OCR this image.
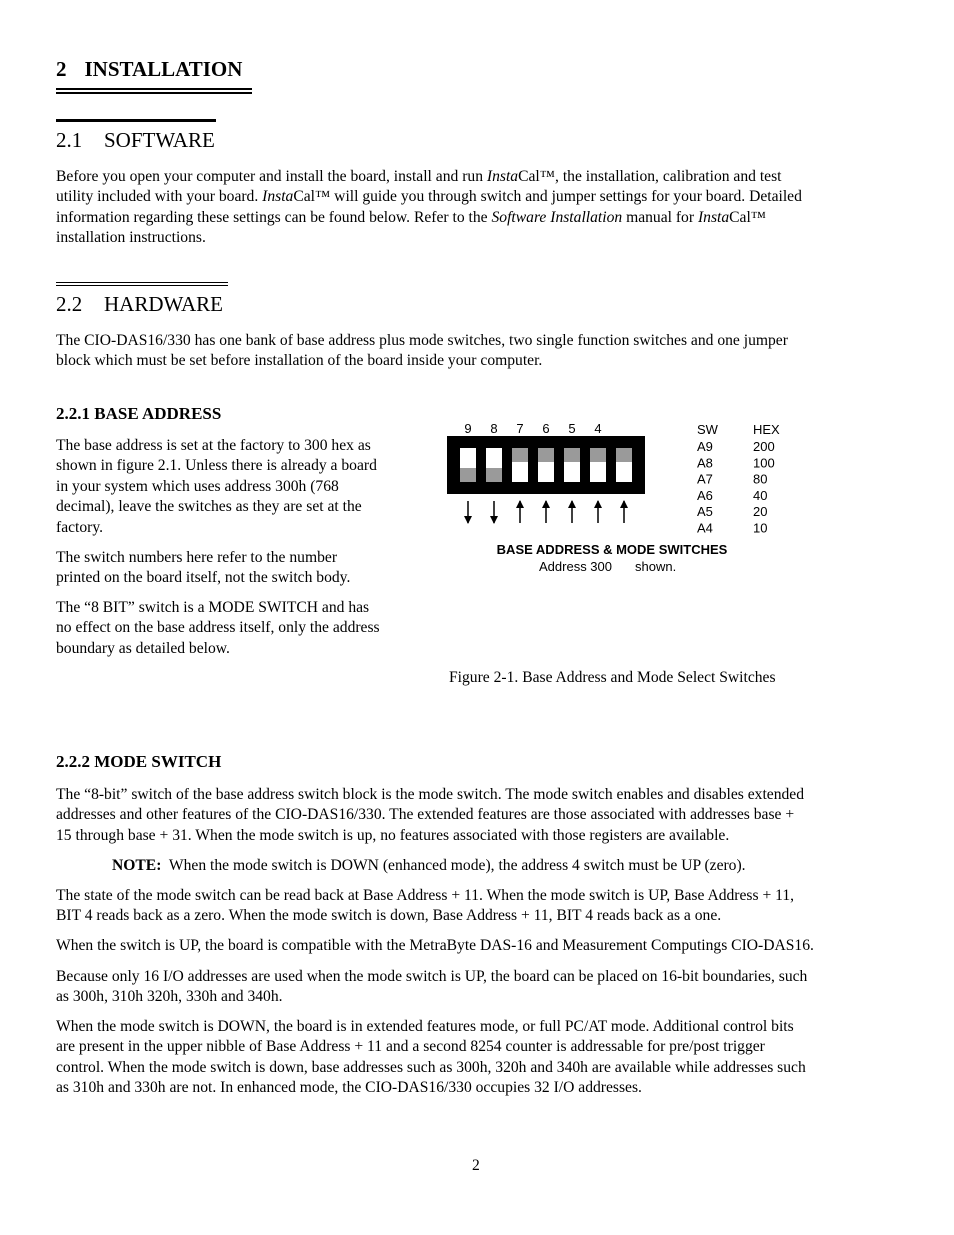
2 INSTALLATION
2.1 SOFTWARE
Before you open your computer and install the board, install and run InstaCal™, the installation, calibration and test
utility included with your board. InstaCal™ will guide you through switch and jumper settings for your board. Detailed
information regarding these settings can be found below. Refer to the Software Installation manual for InstaCal™
installation instructions.
2.2 HARDWARE
The CIO-DAS16/330 has one bank of base address plus mode switches, two single function switches and one jumper
block which must be set before installation of the board inside your computer.
2.2.1 BASE ADDRESS
The base address is set at the factory to 300 hex as
shown in figure 2.1. Unless there is already a board
in your system which uses address 300h (768
decimal), leave the switches as they are set at the
factory.
The switch numbers here refer to the number
printed on the board itself, not the switch body.
The “8 BIT” switch is a MODE SWITCH and has
no effect on the base address itself, only the address
boundary as detailed below.
9 8 7 6 5 4	SW	HEX
A9	200
A8	100
A7	80
A6	40
A5	20
A4	10
BASE ADDRESS & MODE SWITCHES
Address 300 shown.
Figure 2-1. Base Address and Mode Select Switches
2.2.2 MODE SWITCH
The “8-bit” switch of the base address switch block is the mode switch. The mode switch enables and disables extended
addresses and other features of the CIO-DAS16/330. The extended features are those associated with addresses base +
15 through base + 31. When the mode switch is up, no features associated with those registers are available.
NOTE:  When the mode switch is DOWN (enhanced mode), the address 4 switch must be UP (zero).
The state of the mode switch can be read back at Base Address + 11. When the mode switch is UP, Base Address + 11,
BIT 4 reads back as a zero. When the mode switch is down, Base Address + 11, BIT 4 reads back as a one.
When the switch is UP, the board is compatible with the MetraByte DAS-16 and Measurement Computings CIO-DAS16.
Because only 16 I/O addresses are used when the mode switch is UP, the board can be placed on 16-bit boundaries, such
as 300h, 310h 320h, 330h and 340h.
When the mode switch is DOWN, the board is in extended features mode, or full PC/AT mode. Additional control bits
are present in the upper nibble of Base Address + 11 and a second 8254 counter is addressable for pre/post trigger
control. When the mode switch is down, base addresses such as 300h, 320h and 340h are available while addresses such
as 310h and 330h are not. In enhanced mode, the CIO-DAS16/330 occupies 32 I/O addresses.
2
